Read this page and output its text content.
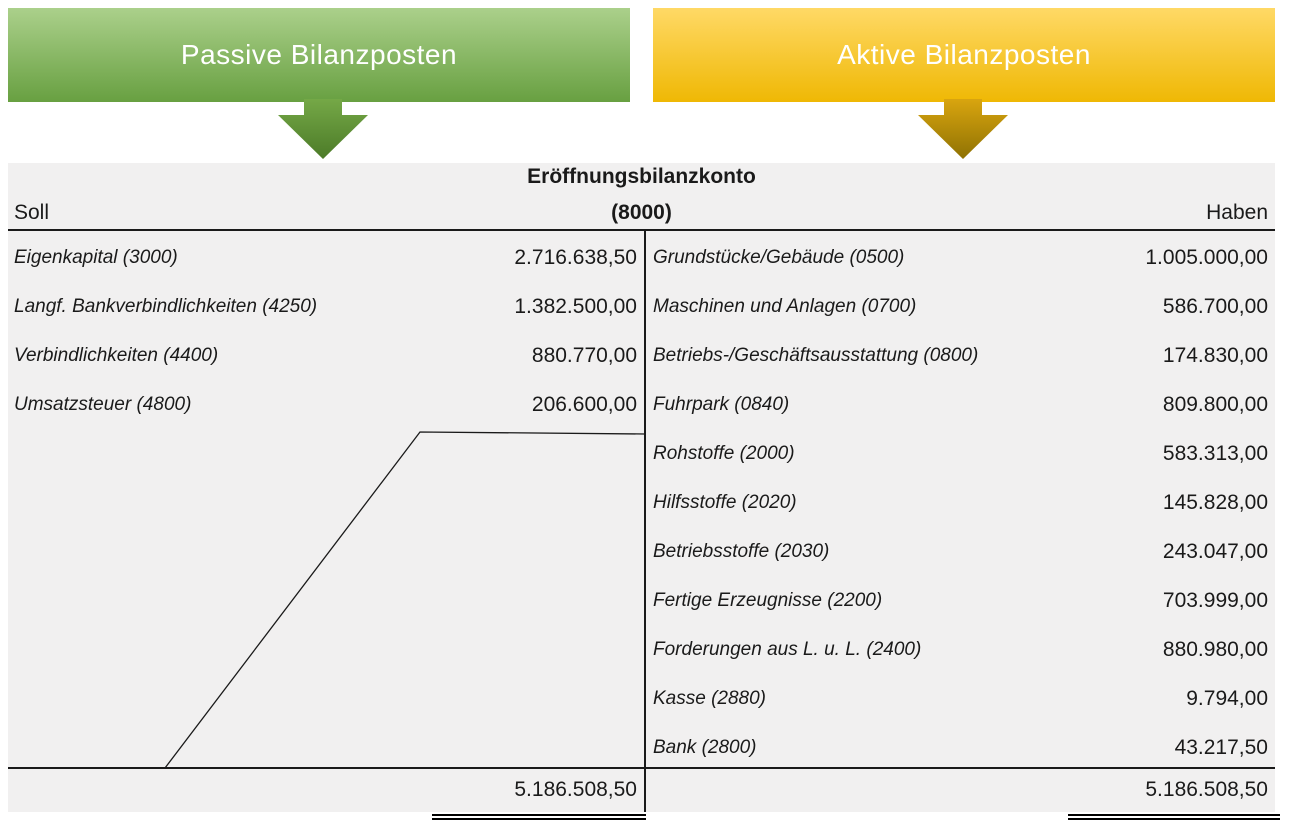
Passive Bilanzposten	Aktive Bilanzposten
Eröffnungsbilanzkonto
Soll	(8000)	Haben
Eigenkapital (3000)	2.716.638,50
Langf. Bankverbindlichkeiten (4250)	1.382.500,00
Verbindlichkeiten (4400)	880.770,00
Umsatzsteuer (4800)	206.600,00
Grundstücke/Gebäude (0500)	1.005.000,00
Maschinen und Anlagen (0700)	586.700,00
Betriebs-/Geschäftsausstattung (0800)	174.830,00
Fuhrpark (0840)	809.800,00
Rohstoffe (2000)	583.313,00
Hilfsstoffe (2020)	145.828,00
Betriebsstoffe (2030)	243.047,00
Fertige Erzeugnisse (2200)	703.999,00
Forderungen aus L. u. L. (2400)	880.980,00
Kasse (2880)	9.794,00
Bank (2800)	43.217,50
5.186.508,50	5.186.508,50
